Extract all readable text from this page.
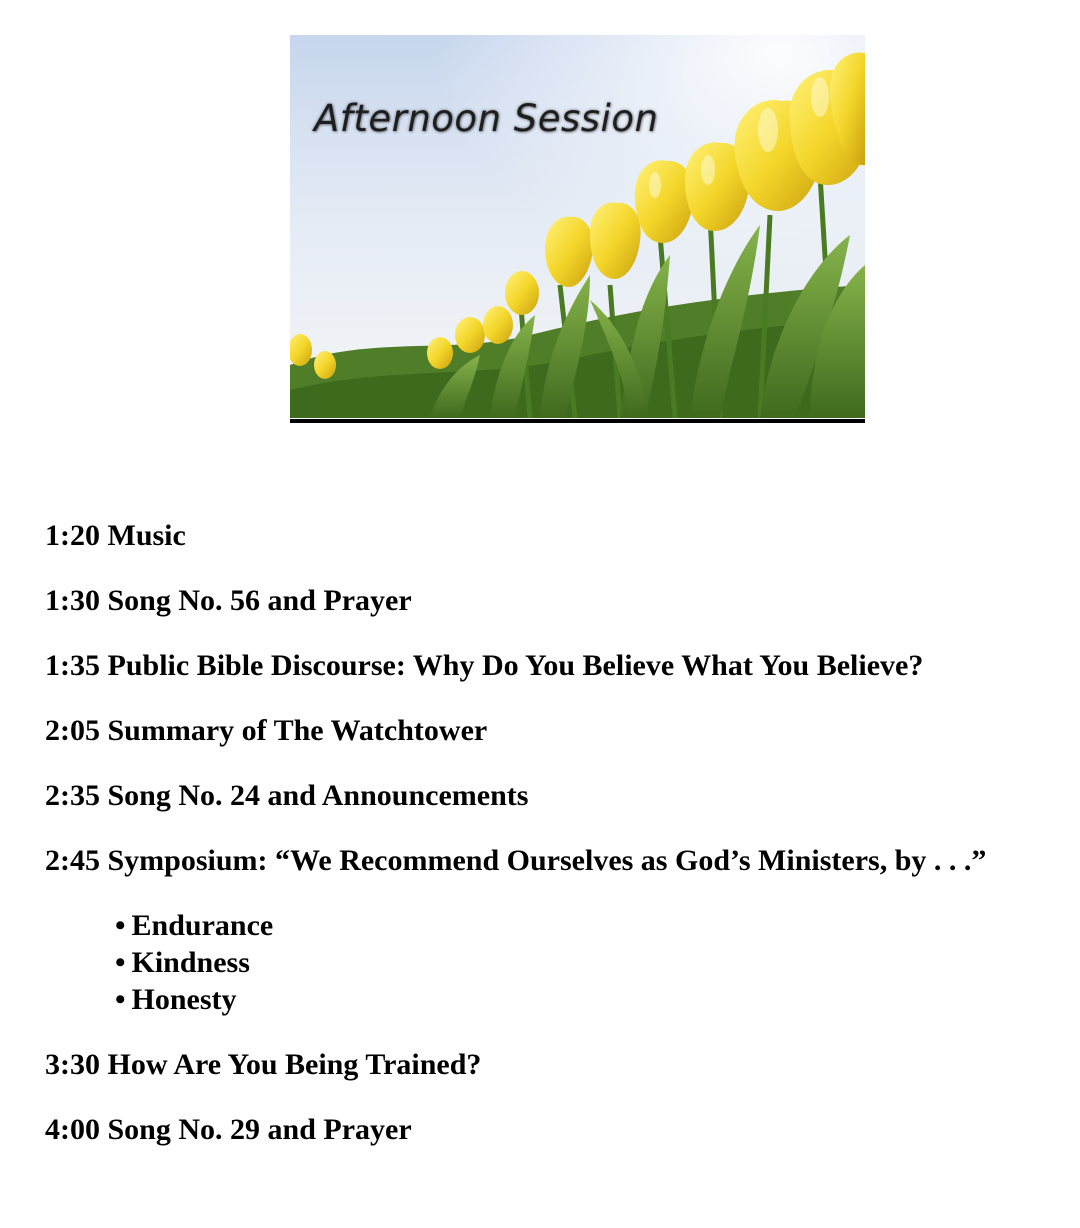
Afternoon Session
1:20 Music
1:30 Song No. 56 and Prayer
1:35 Public Bible Discourse: Why Do You Believe What You Believe?
2:05 Summary of The Watchtower
2:35 Song No. 24 and Announcements
2:45 Symposium: “We Recommend Ourselves as God’s Ministers, by . . .”
• Endurance
• Kindness
• Honesty
3:30 How Are You Being Trained?
4:00 Song No. 29 and Prayer
